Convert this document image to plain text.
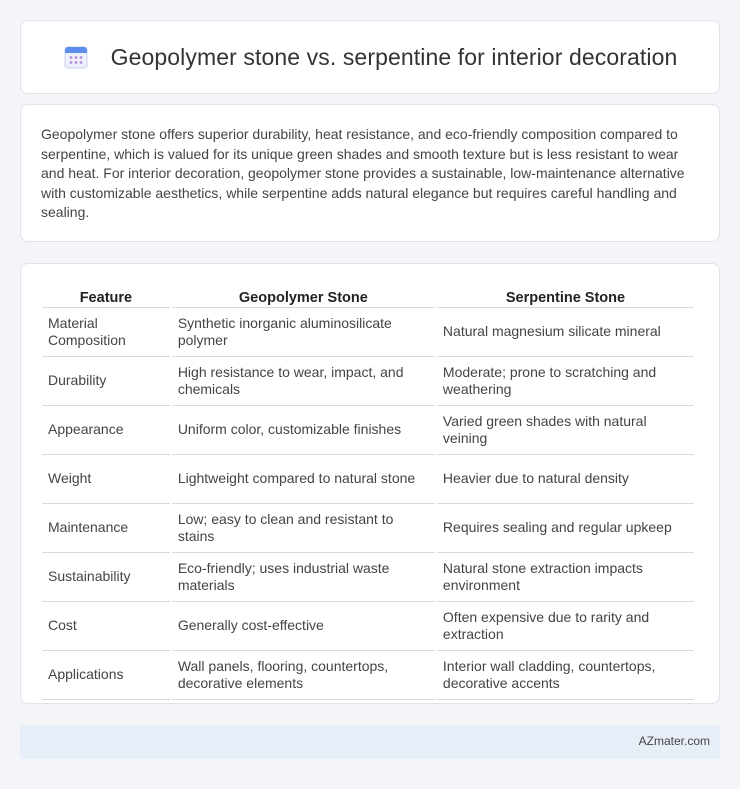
Geopolymer stone vs. serpentine for interior decoration

Geopolymer stone offers superior durability, heat resistance, and eco-friendly composition compared to serpentine, which is valued for its unique green shades and smooth texture but is less resistant to wear and heat. For interior decoration, geopolymer stone provides a sustainable, low-maintenance alternative with customizable aesthetics, while serpentine adds natural elegance but requires careful handling and sealing.

Feature	Geopolymer Stone	Serpentine Stone
Material Composition	Synthetic inorganic aluminosilicate polymer	Natural magnesium silicate mineral
Durability	High resistance to wear, impact, and chemicals	Moderate; prone to scratching and weathering
Appearance	Uniform color, customizable finishes	Varied green shades with natural veining
Weight	Lightweight compared to natural stone	Heavier due to natural density
Maintenance	Low; easy to clean and resistant to stains	Requires sealing and regular upkeep
Sustainability	Eco-friendly; uses industrial waste materials	Natural stone extraction impacts environment
Cost	Generally cost-effective	Often expensive due to rarity and extraction
Applications	Wall panels, flooring, countertops, decorative elements	Interior wall cladding, countertops, decorative accents
AZmater.com
